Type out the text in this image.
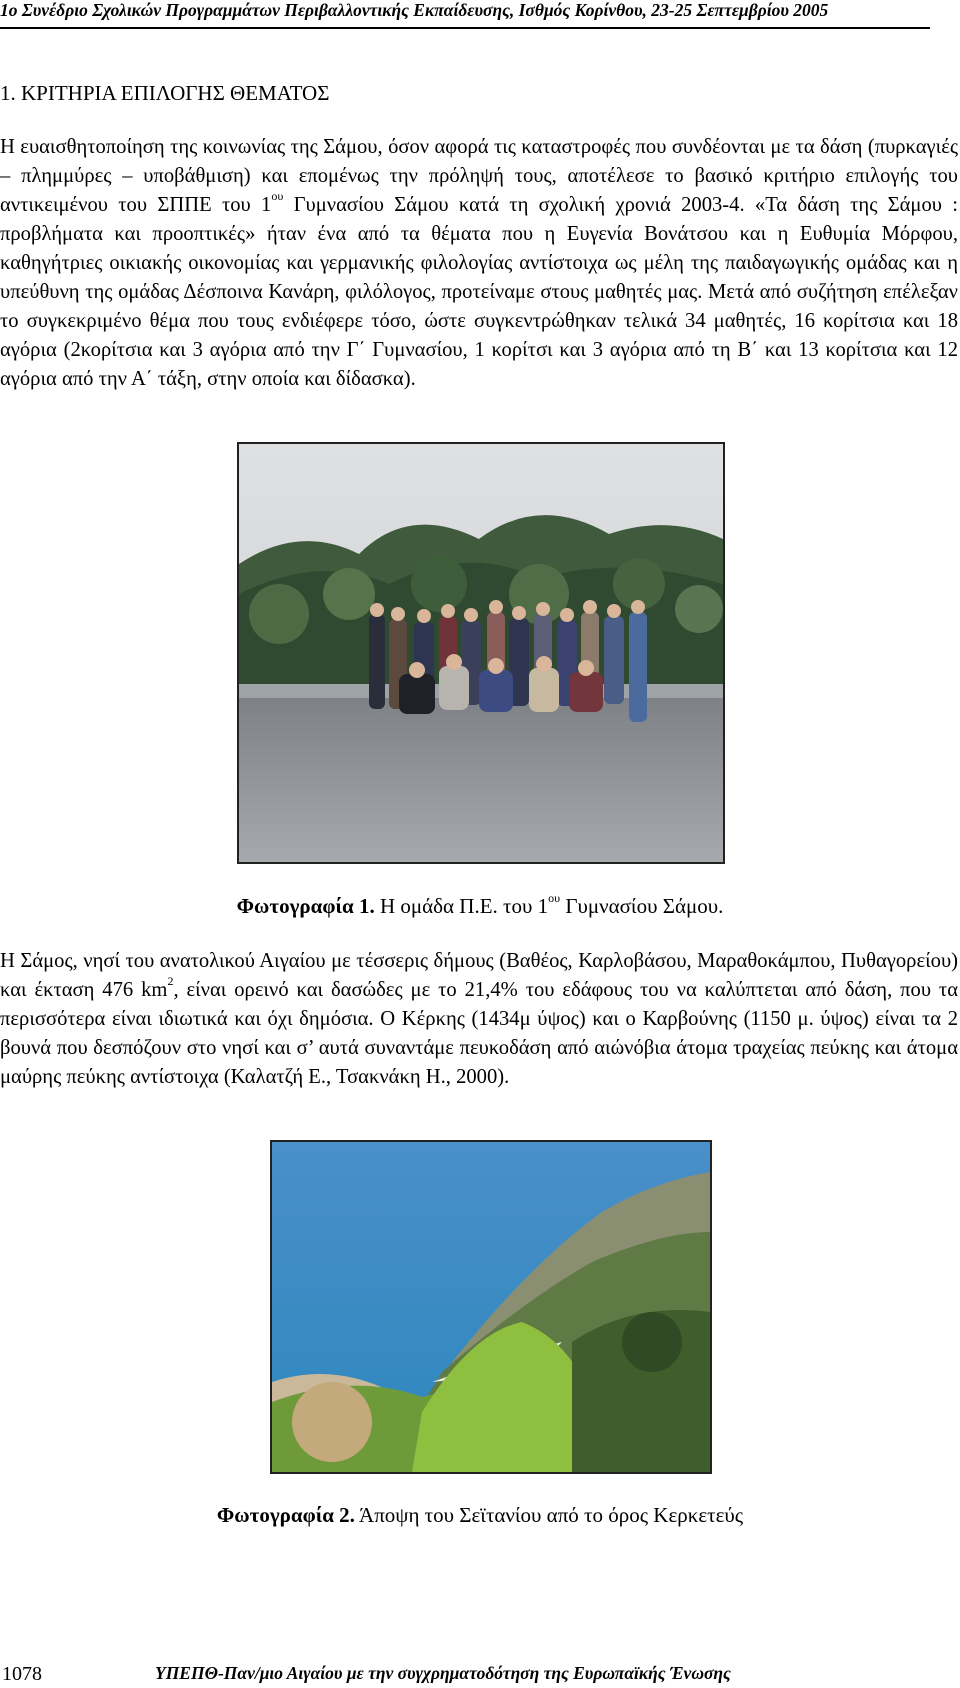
1ο Συνέδριο Σχολικών Προγραμμάτων Περιβαλλοντικής Εκπαίδευσης, Ισθμός Κορίνθου, 23-25 Σεπτεμβρίου 2005
1. ΚΡΙΤΗΡΙΑ ΕΠΙΛΟΓΗΣ ΘΕΜΑΤΟΣ

Η ευαισθητοποίηση της κοινωνίας της Σάμου, όσον αφορά τις καταστροφές που συνδέονται με τα δάση (πυρκαγιές – πλημμύρες – υποβάθμιση) και επομένως την πρόληψή τους, αποτέλεσε το βασικό κριτήριο επιλογής του αντικειμένου του ΣΠΠΕ του $1^{o\upsilon}$ Γυμνασίου Σάμου κατά τη σχολική χρονιά 2003-4. «Τα δάση της Σάμου : προβλήματα και προοπτικές» ήταν ένα από τα θέματα που η Ευγενία Βονάτσου και η Ευθυμία Μόρφου, καθηγήτριες οικιακής οικονομίας και γερμανικής φιλολογίας αντίστοιχα ως μέλη της παιδαγωγικής ομάδας και η υπεύθυνη της ομάδας Δέσποινα Κανάρη, φιλόλογος, προτείναμε στους μαθητές μας. Μετά από συζήτηση επέλεξαν το συγκεκριμένο θέμα που τους ενδιέφερε τόσο, ώστε συγκεντρώθηκαν τελικά 34 μαθητές, 16 κορίτσια και 18 αγόρια (2κορίτσια και 3 αγόρια από την Γ΄ Γυμνασίου, 1 κορίτσι και 3 αγόρια από τη Β΄ και 13 κορίτσια και 12 αγόρια από την Α΄ τάξη, στην οποία και δίδασκα).

Φωτογραφία 1. Η ομάδα Π.Ε. του $1^{o\upsilon}$ Γυμνασίου Σάμου.

Η Σάμος, νησί του ανατολικού Αιγαίου με τέσσερις δήμους (Βαθέος, Καρλοβάσου, Μαραθοκάμπου, Πυθαγορείου) και έκταση 476 $km^2$, είναι ορεινό και δασώδες με το 21,4% του εδάφους του να καλύπτεται από δάση, που τα περισσότερα είναι ιδιωτικά και όχι δημόσια. Ο Κέρκης (1434μ ύψος) και ο Καρβούνης (1150 μ. ύψος) είναι τα 2 βουνά που δεσπόζουν στο νησί και σ’ αυτά συναντάμε πευκοδάση από αιώνόβια άτομα τραχείας πεύκης και άτομα μαύρης πεύκης αντίστοιχα (Καλατζή Ε., Τσακνάκη Η., 2000).

Φωτογραφία 2. Άποψη του Σεϊτανίου από το όρος Κερκετεύς
1078	ΥΠΕΠΘ-Παν/μιο Αιγαίου με την συγχρηματοδότηση της Ευρωπαϊκής Ένωσης
